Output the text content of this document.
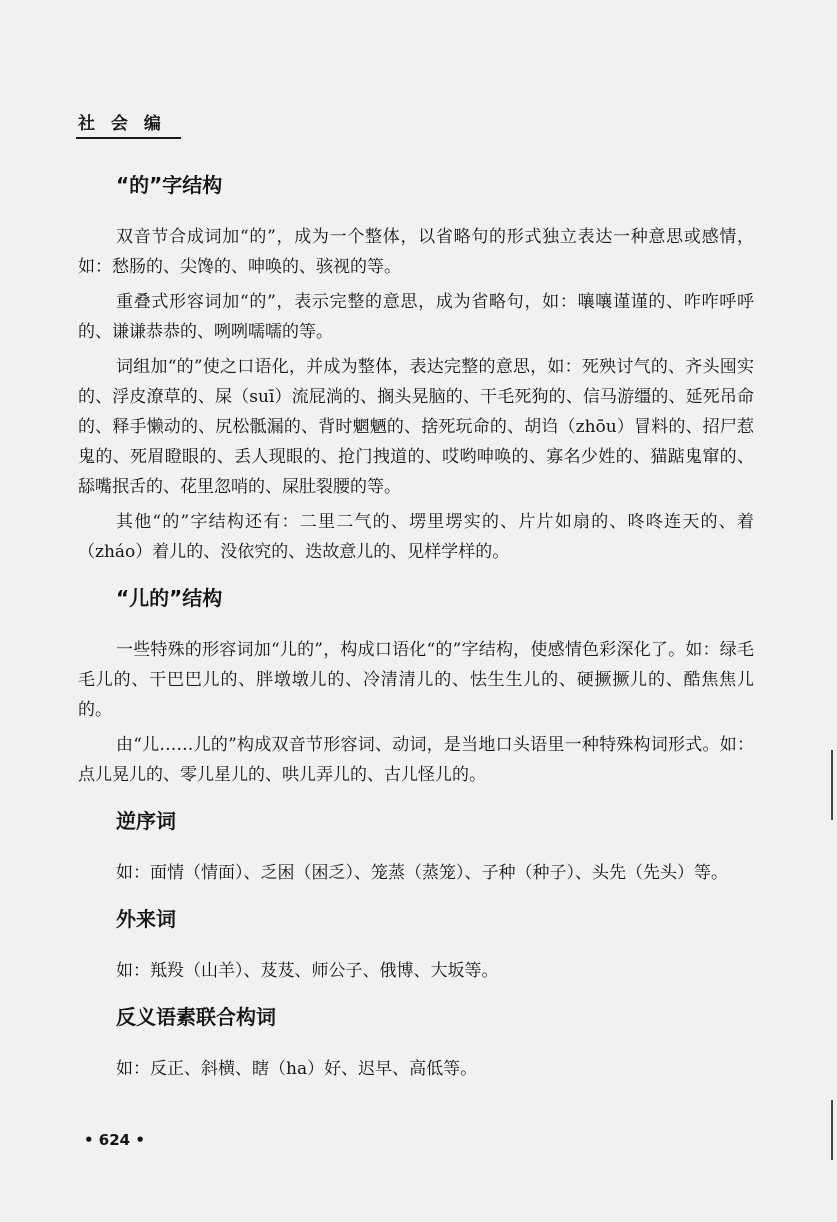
社 会 编
“的”字结构

双音节合成词加“的”，成为一个整体，以省略句的形式独立表达一种意思或感情，如：愁肠的、尖馋的、呻唤的、骇视的等。

重叠式形容词加“的”，表示完整的意思，成为省略句，如：嚷嚷谨谨的、咋咋呼呼的、谦谦恭恭的、咧咧嚅嚅的等。

词组加“的”使之口语化，并成为整体，表达完整的意思，如：死殃讨气的、齐头囤实的、浮皮潦草的、屎（suī）流屁淌的、搁头晃脑的、干毛死狗的、信马游缰的、延死吊命的、释手懒动的、尻松骶漏的、背时魍魉的、捨死玩命的、胡诌（zhōu）冒料的、招尸惹鬼的、死眉瞪眼的、丢人现眼的、抢门拽道的、哎哟呻唤的、寡名少姓的、猫踮鬼窜的、舔嘴抿舌的、花里忽哨的、屎肚裂腰的等。

其他“的”字结构还有：二里二气的、塄里塄实的、片片如扇的、咚咚连天的、着（zháo）着儿的、没依究的、迭故意儿的、见样学样的。

“儿的”结构

一些特殊的形容词加“儿的”，构成口语化“的”字结构，使感情色彩深化了。如：绿毛毛儿的、干巴巴儿的、胖墩墩儿的、冷清清儿的、怯生生儿的、硬撅撅儿的、酷焦焦儿的。

由“儿……儿的”构成双音节形容词、动词，是当地口头语里一种特殊构词形式。如：点儿晃儿的、零儿星儿的、哄儿弄儿的、古儿怪儿的。

逆序词

如：面情（情面）、乏困（困乏）、笼蒸（蒸笼）、子种（种子）、头先（先头）等。

外来词

如：羝羖（山羊）、芨芨、师公子、俄博、大坂等。

反义语素联合构词

如：反正、斜横、瞎（ha）好、迟早、高低等。

• 624 •
